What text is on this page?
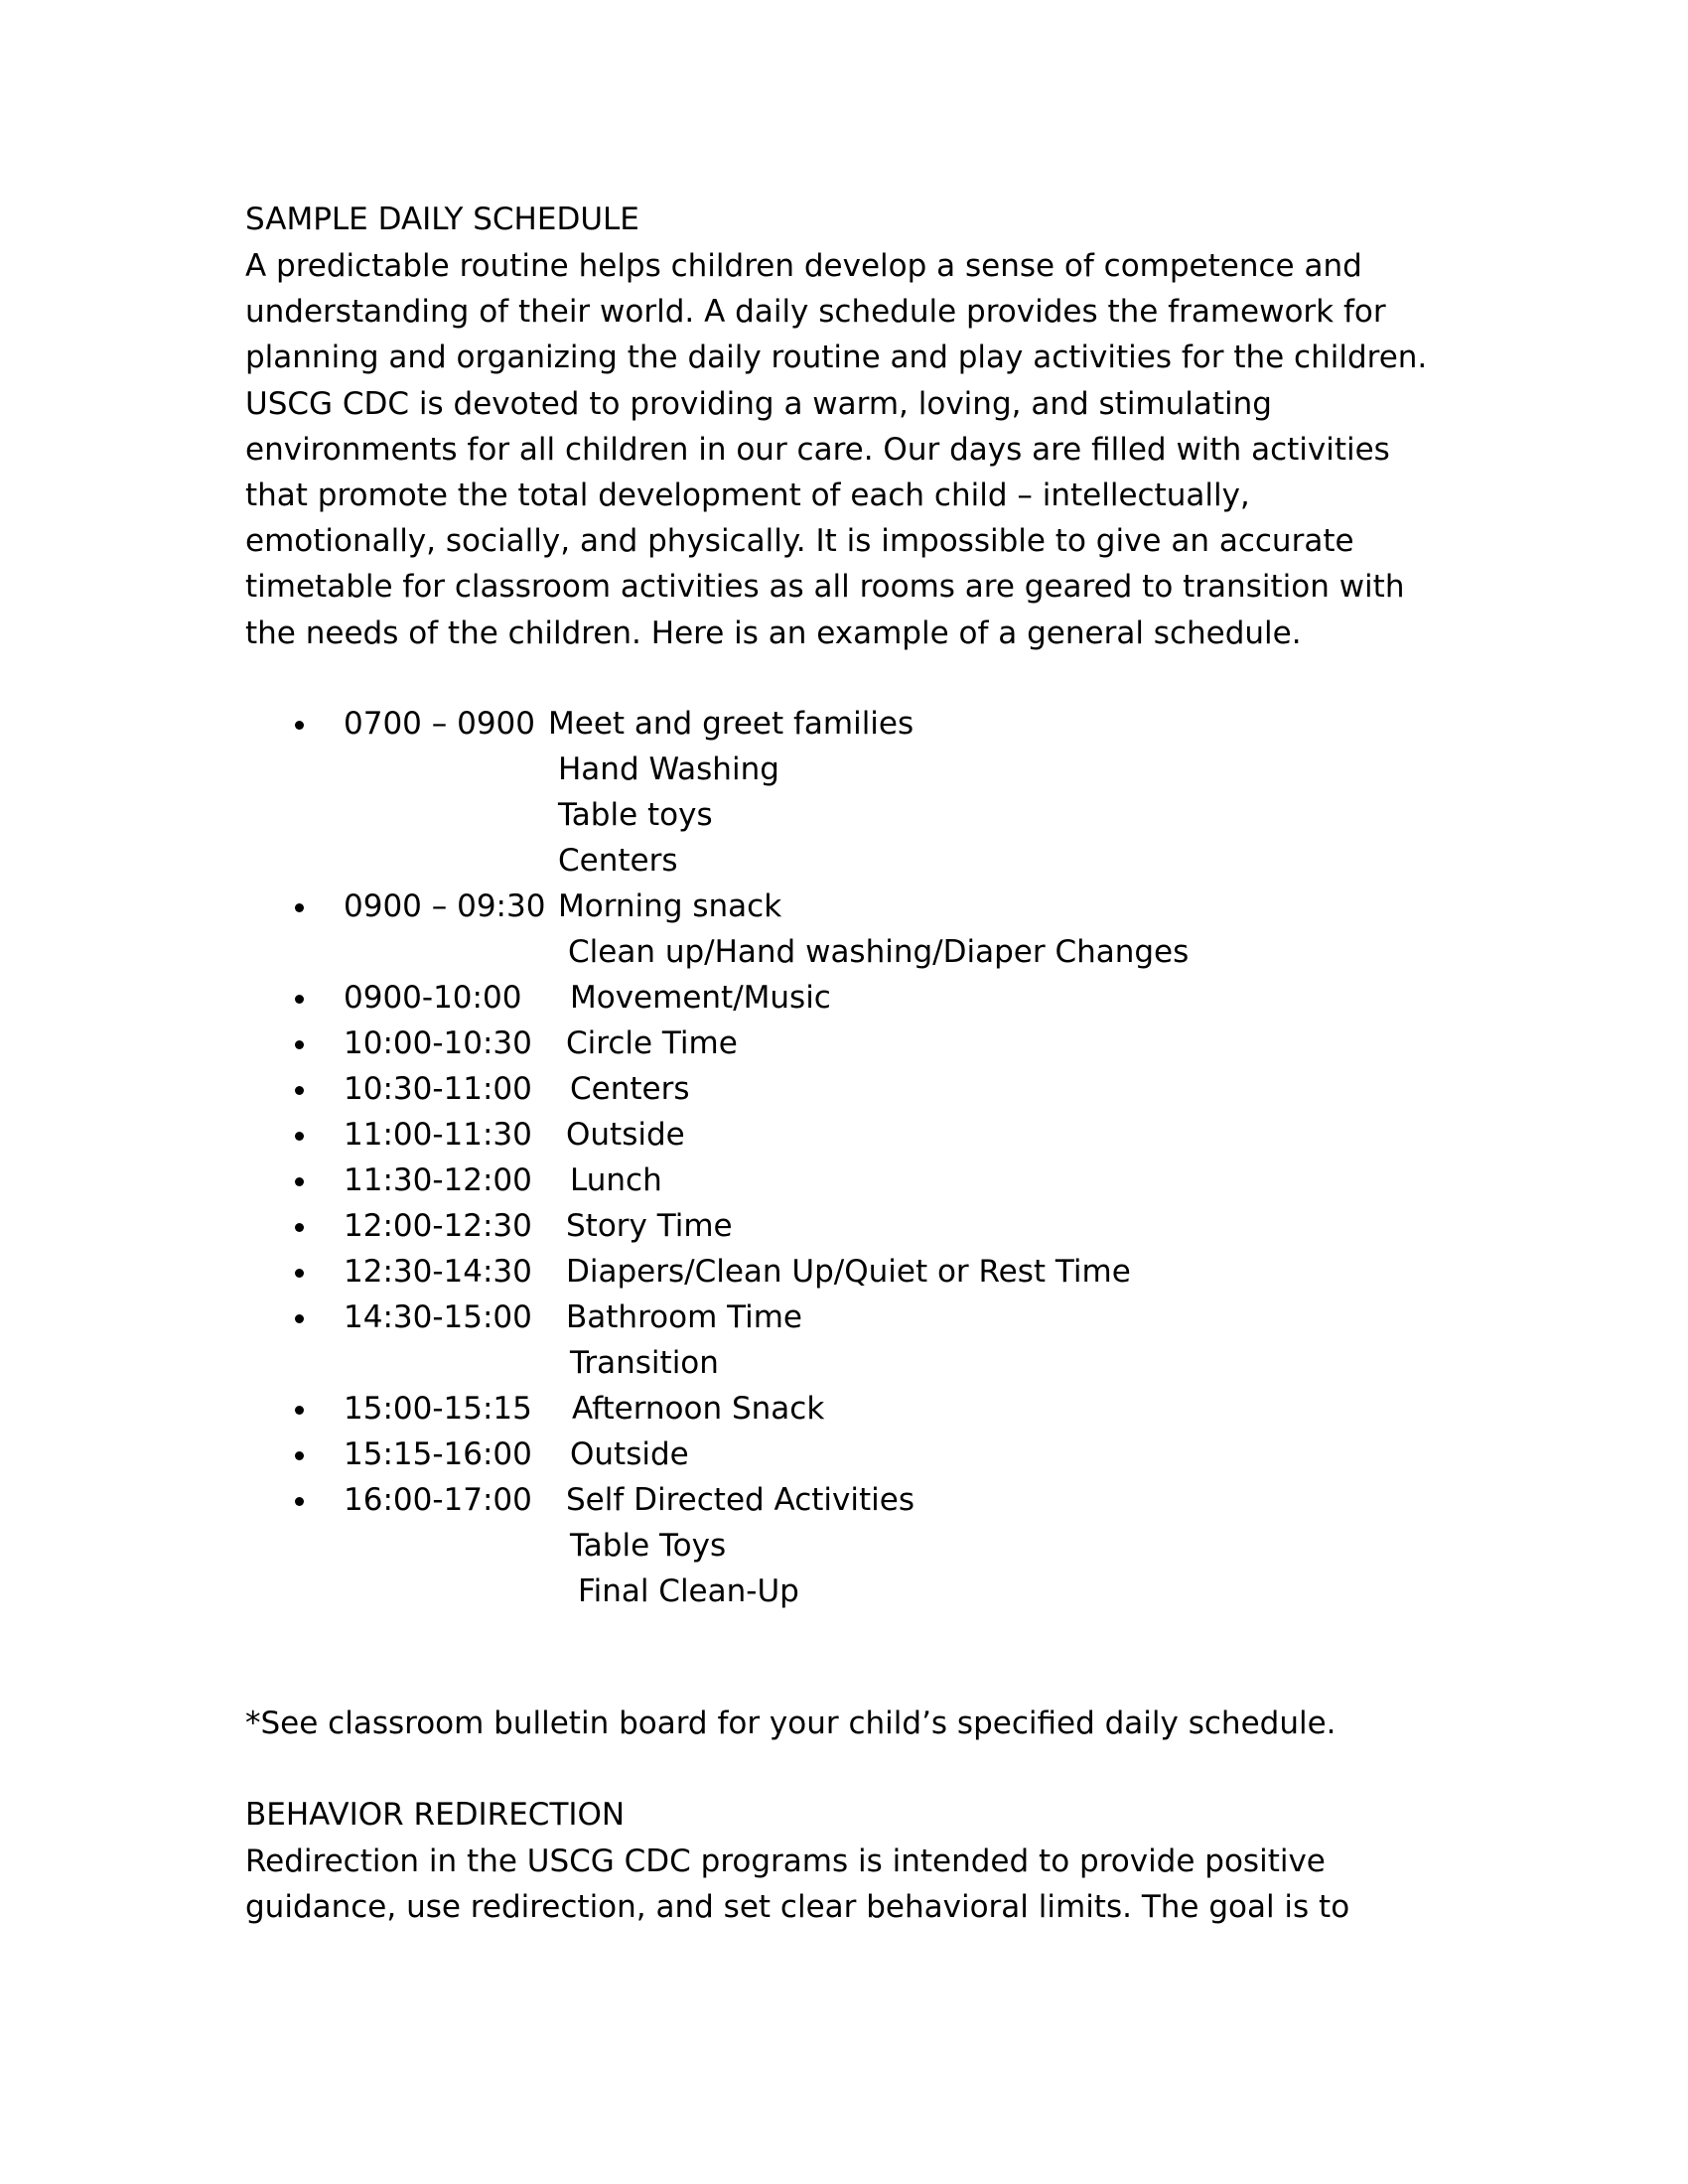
SAMPLE DAILY SCHEDULE
A predictable routine helps children develop a sense of competence and
understanding of their world. A daily schedule provides the framework for
planning and organizing the daily routine and play activities for the children.
USCG CDC is devoted to providing a warm, loving, and stimulating
environments for all children in our care. Our days are filled with activities
that promote the total development of each child – intellectually,
emotionally, socially, and physically. It is impossible to give an accurate
timetable for classroom activities as all rooms are geared to transition with
the needs of the children. Here is an example of a general schedule.
0700 – 0900 Meet and greet families
Hand Washing
Table toys
Centers
0900 – 09:30 Morning snack
Clean up/Hand washing/Diaper Changes
0900-10:00 Movement/Music
10:00-10:30 Circle Time
10:30-11:00 Centers
11:00-11:30 Outside
11:30-12:00 Lunch
12:00-12:30 Story Time
12:30-14:30 Diapers/Clean Up/Quiet or Rest Time
14:30-15:00 Bathroom Time
Transition
15:00-15:15 Afternoon Snack
15:15-16:00 Outside
16:00-17:00 Self Directed Activities
Table Toys
Final Clean-Up
*See classroom bulletin board for your child’s specified daily schedule.
BEHAVIOR REDIRECTION
Redirection in the USCG CDC programs is intended to provide positive
guidance, use redirection, and set clear behavioral limits. The goal is to
